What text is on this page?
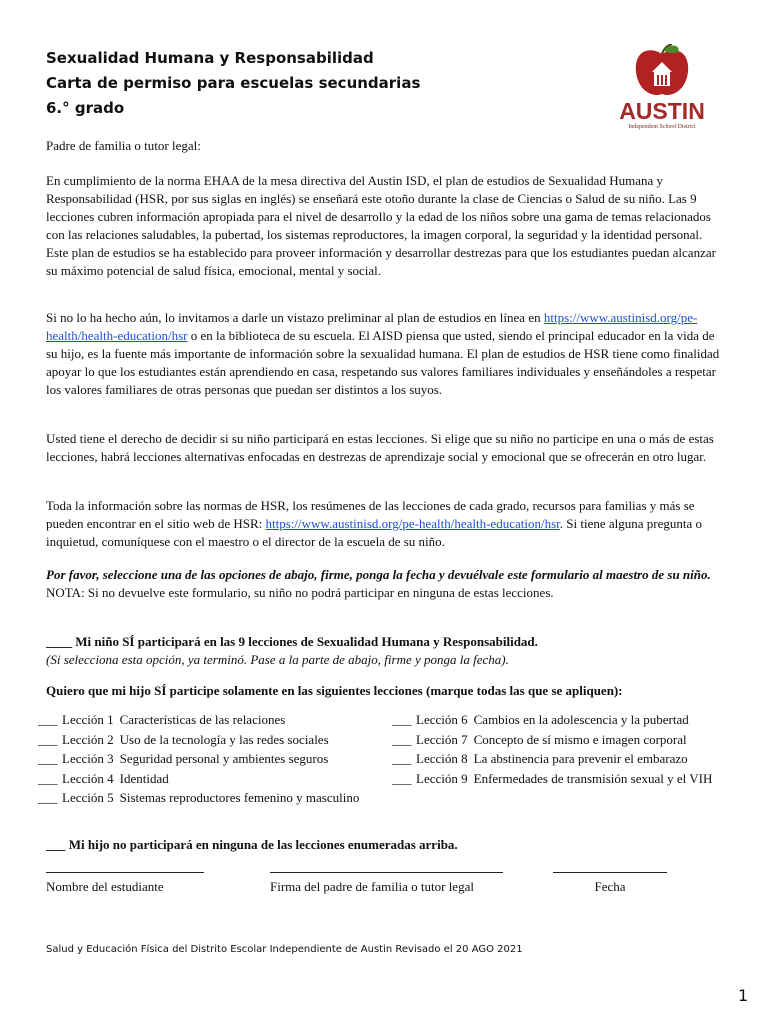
Sexualidad Humana y Responsabilidad
Carta de permiso para escuelas secundarias
6.° grado	AUSTIN
Independent School District

Padre de familia o tutor legal:

En cumplimiento de la norma EHAA de la mesa directiva del Austin ISD, el plan de estudios de Sexualidad Humana y Responsabilidad (HSR, por sus siglas en inglés) se enseñará este otoño durante la clase de Ciencias o Salud de su niño. Las 9 lecciones cubren información apropiada para el nivel de desarrollo y la edad de los niños sobre una gama de temas relacionados con las relaciones saludables, la pubertad, los sistemas reproductores, la imagen corporal, la seguridad y la identidad personal. Este plan de estudios se ha establecido para proveer información y desarrollar destrezas para que los estudiantes puedan alcanzar su máximo potencial de salud física, emocional, mental y social.

Si no lo ha hecho aún, lo invitamos a darle un vistazo preliminar al plan de estudios en línea en https://www.austinisd.org/pe-health/health-education/hsr o en la biblioteca de su escuela. El AISD piensa que usted, siendo el principal educador en la vida de su hijo, es la fuente más importante de información sobre la sexualidad humana. El plan de estudios de HSR tiene como finalidad apoyar lo que los estudiantes están aprendiendo en casa, respetando sus valores familiares individuales y enseñándoles a respetar los valores familiares de otras personas que puedan ser distintos a los suyos.

Usted tiene el derecho de decidir si su niño participará en estas lecciones. Si elige que su niño no participe en una o más de estas lecciones, habrá lecciones alternativas enfocadas en destrezas de aprendizaje social y emocional que se ofrecerán en otro lugar.

Toda la información sobre las normas de HSR, los resúmenes de las lecciones de cada grado, recursos para familias y más se pueden encontrar en el sitio web de HSR: https://www.austinisd.org/pe-health/health-education/hsr. Si tiene alguna pregunta o inquietud, comuníquese con el maestro o el director de la escuela de su niño.

Por favor, seleccione una de las opciones de abajo, firme, ponga la fecha y devuélvale este formulario al maestro de su niño.

NOTA: Si no devuelve este formulario, su niño no podrá participar en ninguna de estas lecciones.

____ Mi niño SÍ participará en las 9 lecciones de Sexualidad Humana y Responsabilidad.

(Si selecciona esta opción, ya terminó. Pase a la parte de abajo, firme y ponga la fecha).

Quiero que mi hijo SÍ participe solamente en las siguientes lecciones (marque todas las que se apliquen):

___ Lección 1 Características de las relaciones
___ Lección 2 Uso de la tecnología y las redes sociales
___ Lección 3 Seguridad personal y ambientes seguros
___ Lección 4 Identidad
___ Lección 5 Sistemas reproductores femenino y masculino
___ Lección 6 Cambios en la adolescencia y la pubertad
___ Lección 7 Concepto de sí mismo e imagen corporal
___ Lección 8 La abstinencia para prevenir el embarazo
___ Lección 9 Enfermedades de transmisión sexual y el VIH

___ Mi hijo no participará en ninguna de las lecciones enumeradas arriba.

Nombre del estudiante	Firma del padre de familia o tutor legal	Fecha
Salud y Educación Física del Distrito Escolar Independiente de Austin Revisado el 20 AGO 2021
1
